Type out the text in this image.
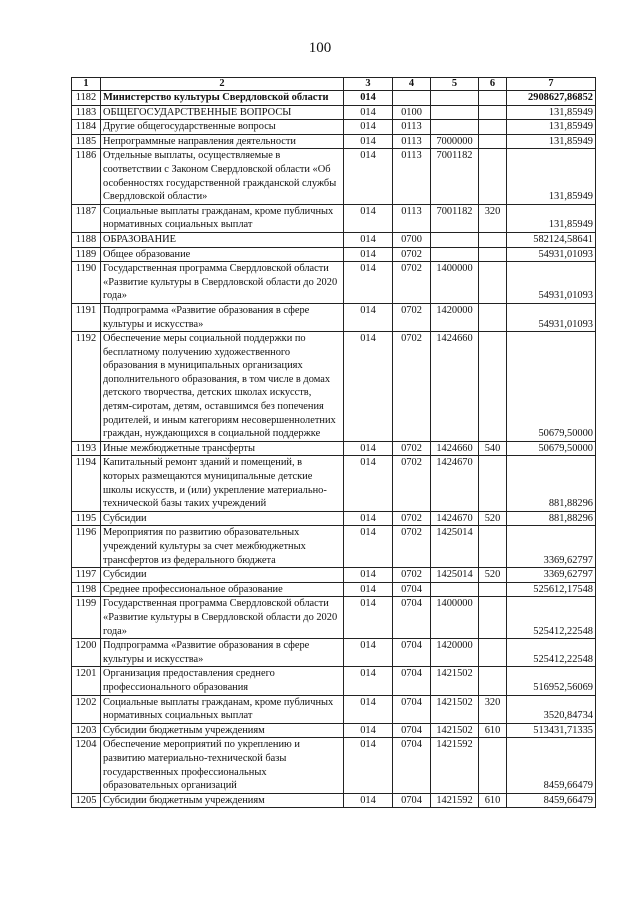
100
1	2	3	4	5	6	7
1182	Министерство культуры Свердловской области	014				2908627,86852
1183	ОБЩЕГОСУДАРСТВЕННЫЕ ВОПРОСЫ	014	0100			131,85949
1184	Другие общегосударственные вопросы	014	0113			131,85949
1185	Непрограммные направления деятельности	014	0113	7000000		131,85949
1186	Отдельные выплаты, осуществляемые в соответствии с Законом Свердловской области «Об особенностях государственной гражданской службы Свердловской области»	014	0113	7001182		131,85949
1187	Социальные выплаты гражданам, кроме публичных нормативных социальных выплат	014	0113	7001182	320	131,85949
1188	ОБРАЗОВАНИЕ	014	0700			582124,58641
1189	Общее образование	014	0702			54931,01093
1190	Государственная программа Свердловской области «Развитие культуры в Свердловской области до 2020 года»	014	0702	1400000		54931,01093
1191	Подпрограмма «Развитие образования в сфере культуры и искусства»	014	0702	1420000		54931,01093
1192	Обеспечение меры социальной поддержки по бесплатному получению художественного образования в муниципальных организациях дополнительного образования, в том числе в домах детского творчества, детских школах искусств, детям-сиротам, детям, оставшимся без попечения родителей, и иным категориям несовершеннолетних граждан, нуждающихся в социальной поддержке	014	0702	1424660		50679,50000
1193	Иные межбюджетные трансферты	014	0702	1424660	540	50679,50000
1194	Капитальный ремонт зданий и помещений, в которых размещаются муниципальные детские школы искусств, и (или) укрепление материально-технической базы таких учреждений	014	0702	1424670		881,88296
1195	Субсидии	014	0702	1424670	520	881,88296
1196	Мероприятия по развитию образовательных учреждений культуры за счет межбюджетных трансфертов из федерального бюджета	014	0702	1425014		3369,62797
1197	Субсидии	014	0702	1425014	520	3369,62797
1198	Среднее профессиональное образование	014	0704			525612,17548
1199	Государственная программа Свердловской области «Развитие культуры в Свердловской области до 2020 года»	014	0704	1400000		525412,22548
1200	Подпрограмма «Развитие образования в сфере культуры и искусства»	014	0704	1420000		525412,22548
1201	Организация предоставления среднего профессионального образования	014	0704	1421502		516952,56069
1202	Социальные выплаты гражданам, кроме публичных нормативных социальных выплат	014	0704	1421502	320	3520,84734
1203	Субсидии бюджетным учреждениям	014	0704	1421502	610	513431,71335
1204	Обеспечение мероприятий по укреплению и развитию материально-технической базы государственных профессиональных образовательных организаций	014	0704	1421592		8459,66479
1205	Субсидии бюджетным учреждениям	014	0704	1421592	610	8459,66479
